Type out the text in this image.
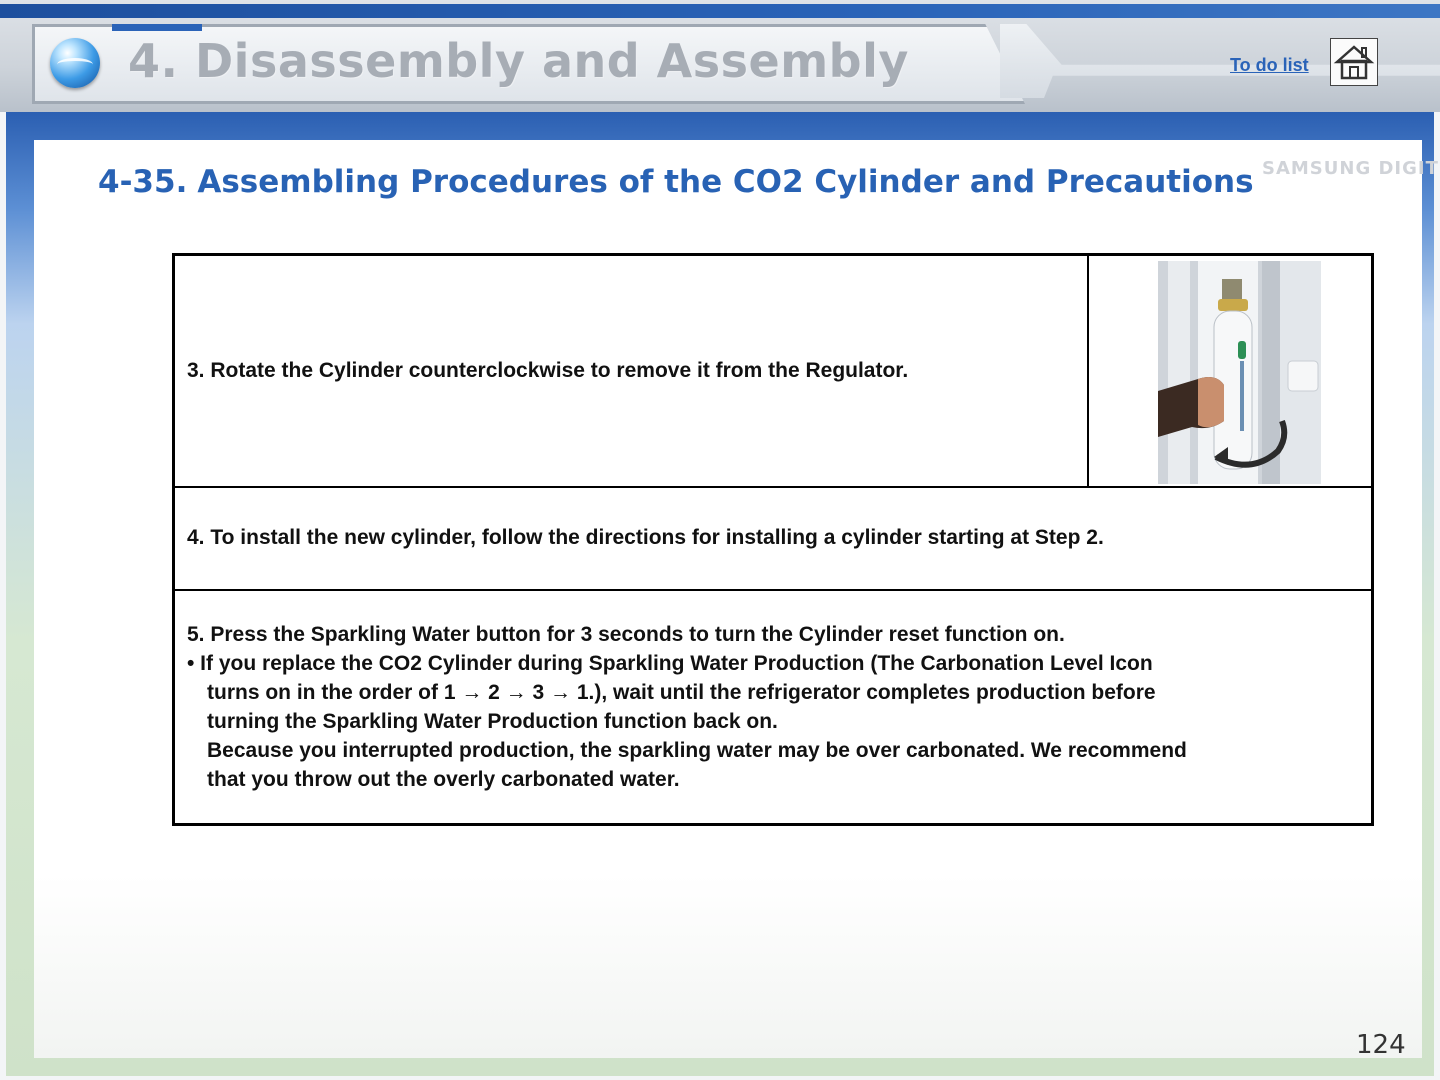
4. Disassembly and Assembly	To do list
SAMSUNG DIGIT
4-35. Assembling Procedures of the CO2 Cylinder and Precautions
3. Rotate the Cylinder counterclockwise to remove it from the Regulator.
4. To install the new cylinder, follow the directions for installing a cylinder starting at Step 2.
5. Press the Sparkling Water button for 3 seconds to turn the Cylinder reset function on.
• If you replace the CO2 Cylinder during Sparkling Water Production (The Carbonation Level Icon
turns on in the order of 1 → 2 → 3 → 1.), wait until the refrigerator completes production before
turning the Sparkling Water Production function back on.
Because you interrupted production, the sparkling water may be over carbonated. We recommend
that you throw out the overly carbonated water.
124
